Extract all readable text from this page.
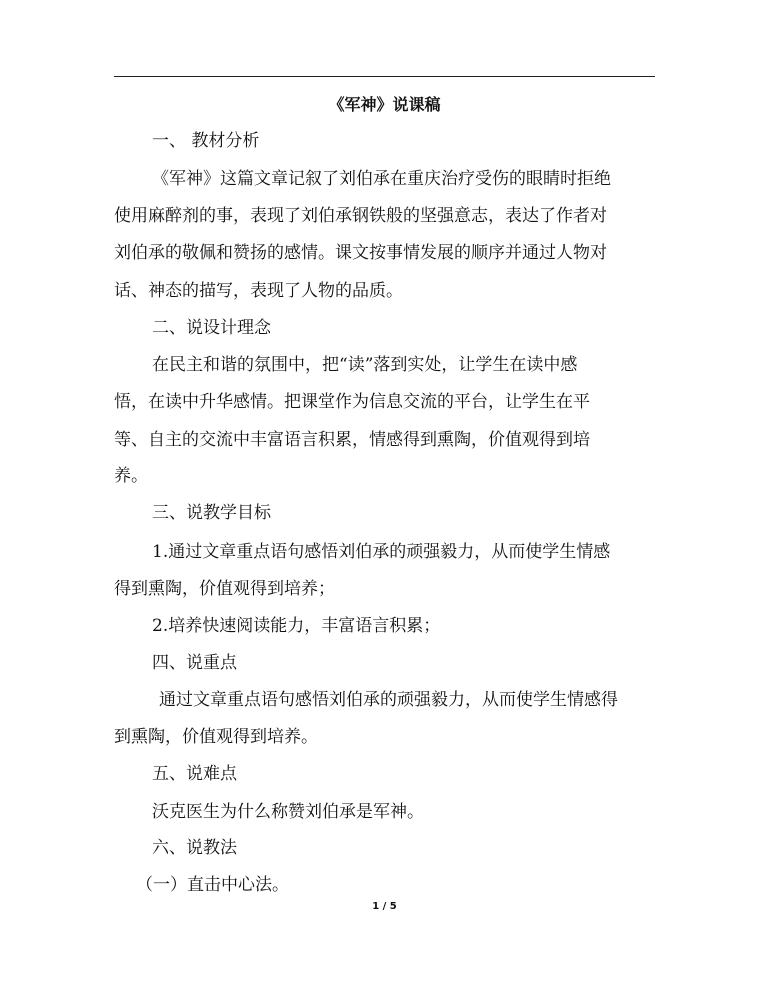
《军神》说课稿
一、 教材分析
《军神》这篇文章记叙了刘伯承在重庆治疗受伤的眼睛时拒绝
使用麻醉剂的事，表现了刘伯承钢铁般的坚强意志，表达了作者对
刘伯承的敬佩和赞扬的感情。课文按事情发展的顺序并通过人物对
话、神态的描写，表现了人物的品质。
二、说设计理念
在民主和谐的氛围中，把“读”落到实处，让学生在读中感
悟，在读中升华感情。把课堂作为信息交流的平台，让学生在平
等、自主的交流中丰富语言积累，情感得到熏陶，价值观得到培
养。
三、说教学目标
1.通过文章重点语句感悟刘伯承的顽强毅力，从而使学生情感
得到熏陶，价值观得到培养；
2.培养快速阅读能力，丰富语言积累；
四、说重点
通过文章重点语句感悟刘伯承的顽强毅力，从而使学生情感得
到熏陶，价值观得到培养。
五、说难点
沃克医生为什么称赞刘伯承是军神。
六、说教法
（一）直击中心法。
1 / 5
